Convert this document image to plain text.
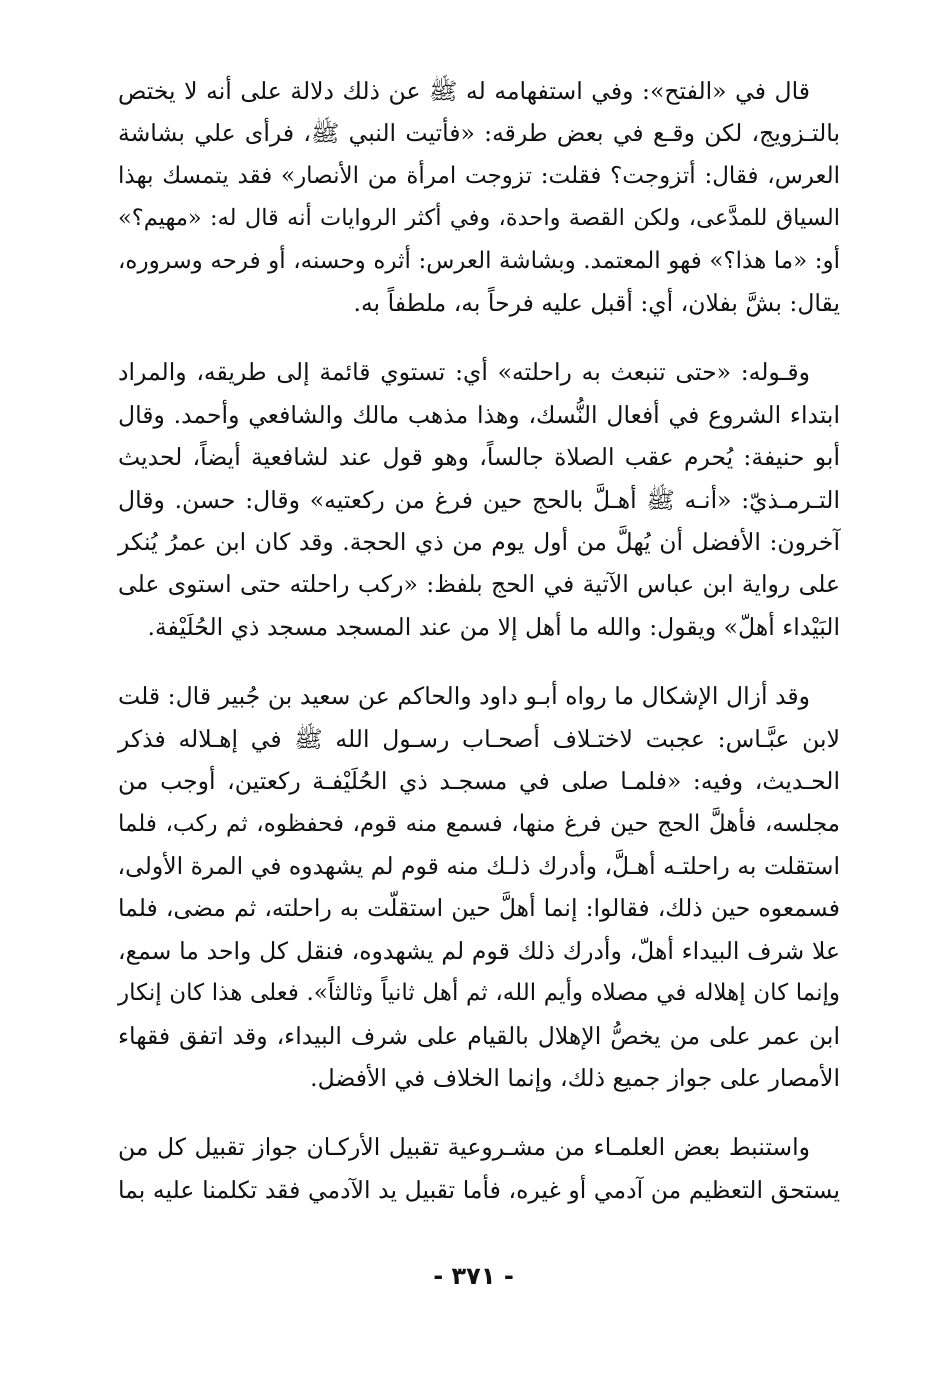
قال في «الفتح»: وفي استفهامه له ﷺ عن ذلك دلالة على أنه لا يختص
بالتـزويج، لكن وقـع في بعض طرقه: «فأتيت النبي ﷺ، فرأى علي بشاشة
العرس، فقال: أتزوجت؟ فقلت: تزوجت امرأة من الأنصار» فقد يتمسك بهذا
السياق للمدَّعى، ولكن القصة واحدة، وفي أكثر الروايات أنه قال له: «مهيم؟»
أو: «ما هذا؟» فهو المعتمد. وبشاشة العرس: أثره وحسنه، أو فرحه وسروره،
يقال: بشَّ بفلان، أي: أقبل عليه فرحاً به، ملطفاً به.

وقـوله: «حتى تنبعث به راحلته» أي: تستوي قائمة إلى طريقه، والمراد
ابتداء الشروع في أفعال النُّسك، وهذا مذهب مالك والشافعي وأحمد. وقال
أبو حنيفة: يُحرم عقب الصلاة جالساً، وهو قول عند لشافعية أيضاً، لحديث
التـرمـذيّ: «أنـه ﷺ أهـلَّ بالحج حين فرغ من ركعتيه» وقال: حسن. وقال
آخرون: الأفضل أن يُهلَّ من أول يوم من ذي الحجة. وقد كان ابن عمرُ يُنكر
على رواية ابن عباس الآتية في الحج بلفظ: «ركب راحلته حتى استوى على
البَيْداء أهلّ» ويقول: والله ما أهل إلا من عند المسجد مسجد ذي الحُلَيْفة.

وقد أزال الإشكال ما رواه أبـو داود والحاكم عن سعيد بن جُبير قال: قلت
لابن عبَّـاس: عجبت لاختـلاف أصحـاب رسـول الله ﷺ في إهـلاله فذكر
الحـديث، وفيه: «فلمـا صلى في مسجـد ذي الحُلَيْفـة ركعتين، أوجب من
مجلسه، فأهلَّ الحج حين فرغ منها، فسمع منه قوم، فحفظوه، ثم ركب، فلما
استقلت به راحلتـه أهـلَّ، وأدرك ذلـك منه قوم لم يشهدوه في المرة الأولى،
فسمعوه حين ذلك، فقالوا: إنما أهلَّ حين استقلّت به راحلته، ثم مضى، فلما
علا شرف البيداء أهلّ، وأدرك ذلك قوم لم يشهدوه، فنقل كل واحد ما سمع،
وإنما كان إهلاله في مصلاه وأيم الله، ثم أهل ثانياً وثالثاً». فعلى هذا كان إنكار
ابن عمر على من يخصُّ الإهلال بالقيام على شرف البيداء، وقد اتفق فقهاء
الأمصار على جواز جميع ذلك، وإنما الخلاف في الأفضل.

واستنبط بعض العلمـاء من مشـروعية تقبيل الأركـان جواز تقبيل كل من
يستحق التعظيم من آدمي أو غيره، فأما تقبيل يد الآدمي فقد تكلمنا عليه بما

- ٣٧١ -
